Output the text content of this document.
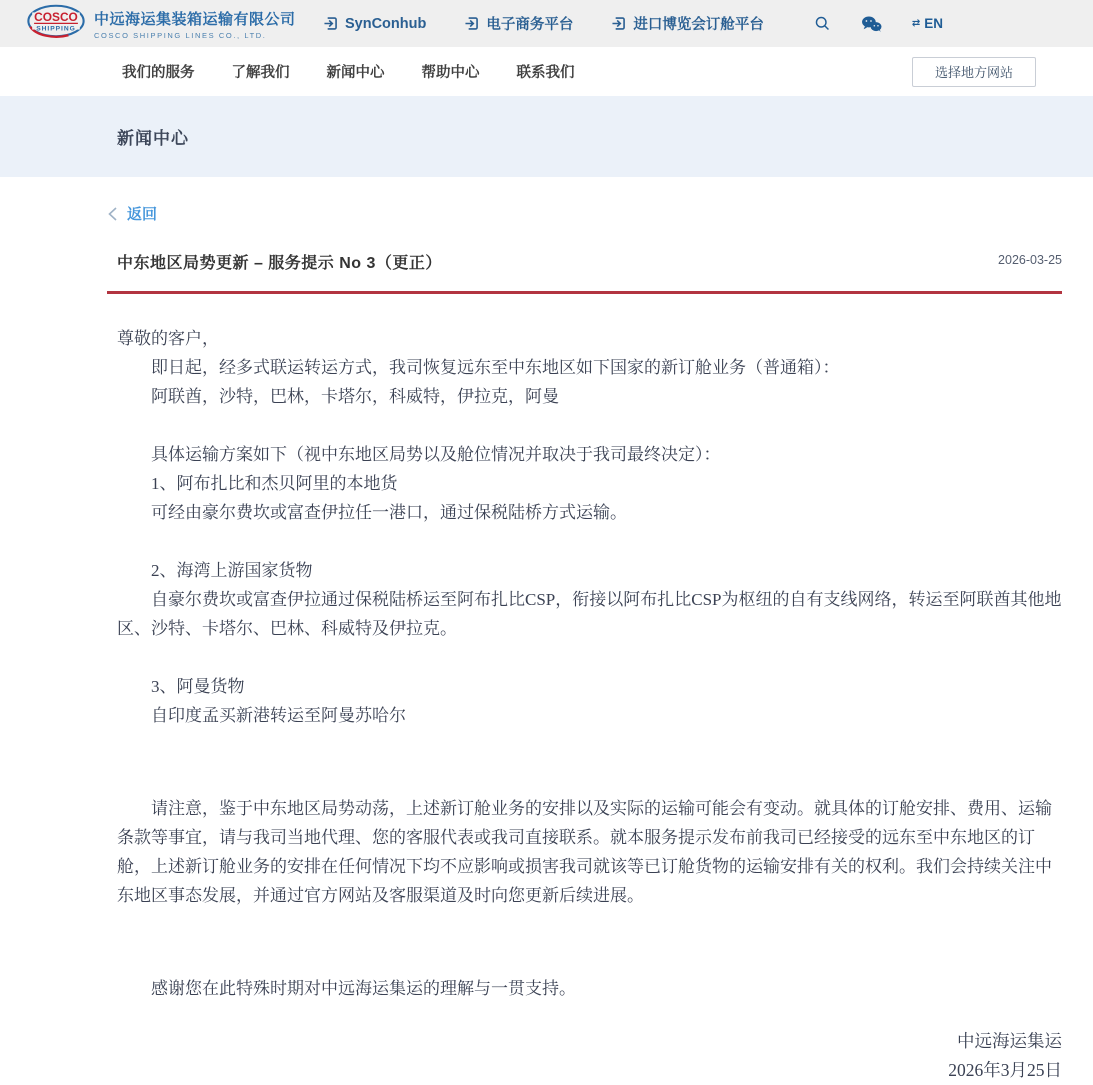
COSCO
SHIPPING
中远海运集装箱运输有限公司
COSCO SHIPPING LINES CO., LTD.
SynConhub	电子商务平台	进口博览会订舱平台	⇄ EN
我们的服务	了解我们	新闻中心	帮助中心	联系我们	选择地方网站
新闻中心
返回
中东地区局势更新 – 服务提示 No 3（更正）	2026-03-25

尊敬的客户，

即日起，经多式联运转运方式，我司恢复远东至中东地区如下国家的新订舱业务（普通箱）：

阿联酋，沙特，巴林，卡塔尔，科威特，伊拉克，阿曼

具体运输方案如下（视中东地区局势以及舱位情况并取决于我司最终决定）：

1、阿布扎比和杰贝阿里的本地货

可经由豪尔费坎或富查伊拉任一港口，通过保税陆桥方式运输。

2、海湾上游国家货物

自豪尔费坎或富查伊拉通过保税陆桥运至阿布扎比CSP，衔接以阿布扎比CSP为枢纽的自有支线网络，转运至阿联酋其他地区、沙特、卡塔尔、巴林、科威特及伊拉克。

3、阿曼货物

自印度孟买新港转运至阿曼苏哈尔

请注意，鉴于中东地区局势动荡，上述新订舱业务的安排以及实际的运输可能会有变动。就具体的订舱安排、费用、运输条款等事宜，请与我司当地代理、您的客服代表或我司直接联系。就本服务提示发布前我司已经接受的远东至中东地区的订舱，上述新订舱业务的安排在任何情况下均不应影响或损害我司就该等已订舱货物的运输安排有关的权利。我们会持续关注中东地区事态发展，并通过官方网站及客服渠道及时向您更新后续进展。

感谢您在此特殊时期对中远海运集运的理解与一贯支持。

中远海运集运

2026年3月25日
